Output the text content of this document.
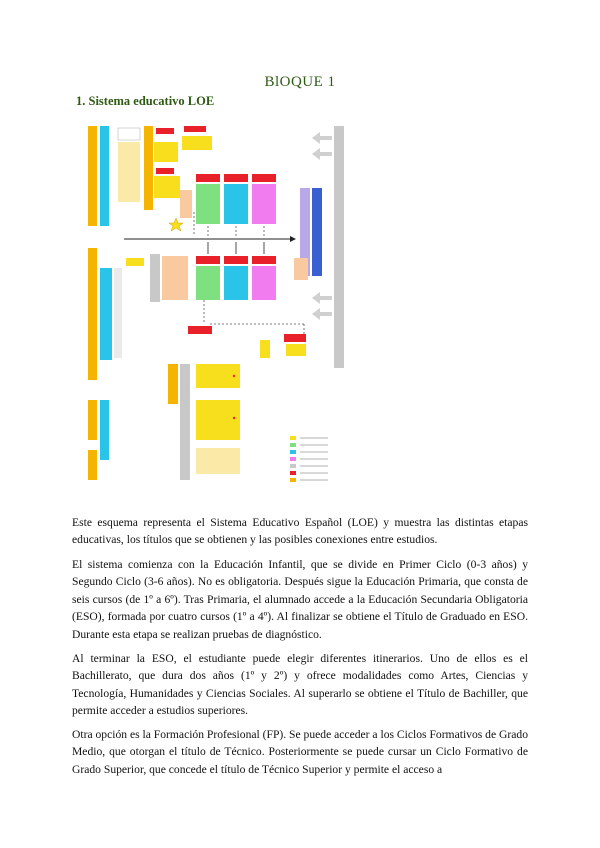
BlOQUE 1
1. Sistema educativo LOE

Este esquema representa el Sistema Educativo Español (LOE) y muestra las distintas etapas educativas, los títulos que se obtienen y las posibles conexiones entre estudios.

El sistema comienza con la Educación Infantil, que se divide en Primer Ciclo (0-3 años) y Segundo Ciclo (3-6 años). No es obligatoria. Después sigue la Educación Primaria, que consta de seis cursos (de 1º a 6º). Tras Primaria, el alumnado accede a la Educación Secundaria Obligatoria (ESO), formada por cuatro cursos (1º a 4º). Al finalizar se obtiene el Título de Graduado en ESO. Durante esta etapa se realizan pruebas de diagnóstico.

Al terminar la ESO, el estudiante puede elegir diferentes itinerarios. Uno de ellos es el Bachillerato, que dura dos años (1º y 2º) y ofrece modalidades como Artes, Ciencias y Tecnología, Humanidades y Ciencias Sociales. Al superarlo se obtiene el Título de Bachiller, que permite acceder a estudios superiores.

Otra opción es la Formación Profesional (FP). Se puede acceder a los Ciclos Formativos de Grado Medio, que otorgan el título de Técnico. Posteriormente se puede cursar un Ciclo Formativo de Grado Superior, que concede el título de Técnico Superior y permite el acceso a
